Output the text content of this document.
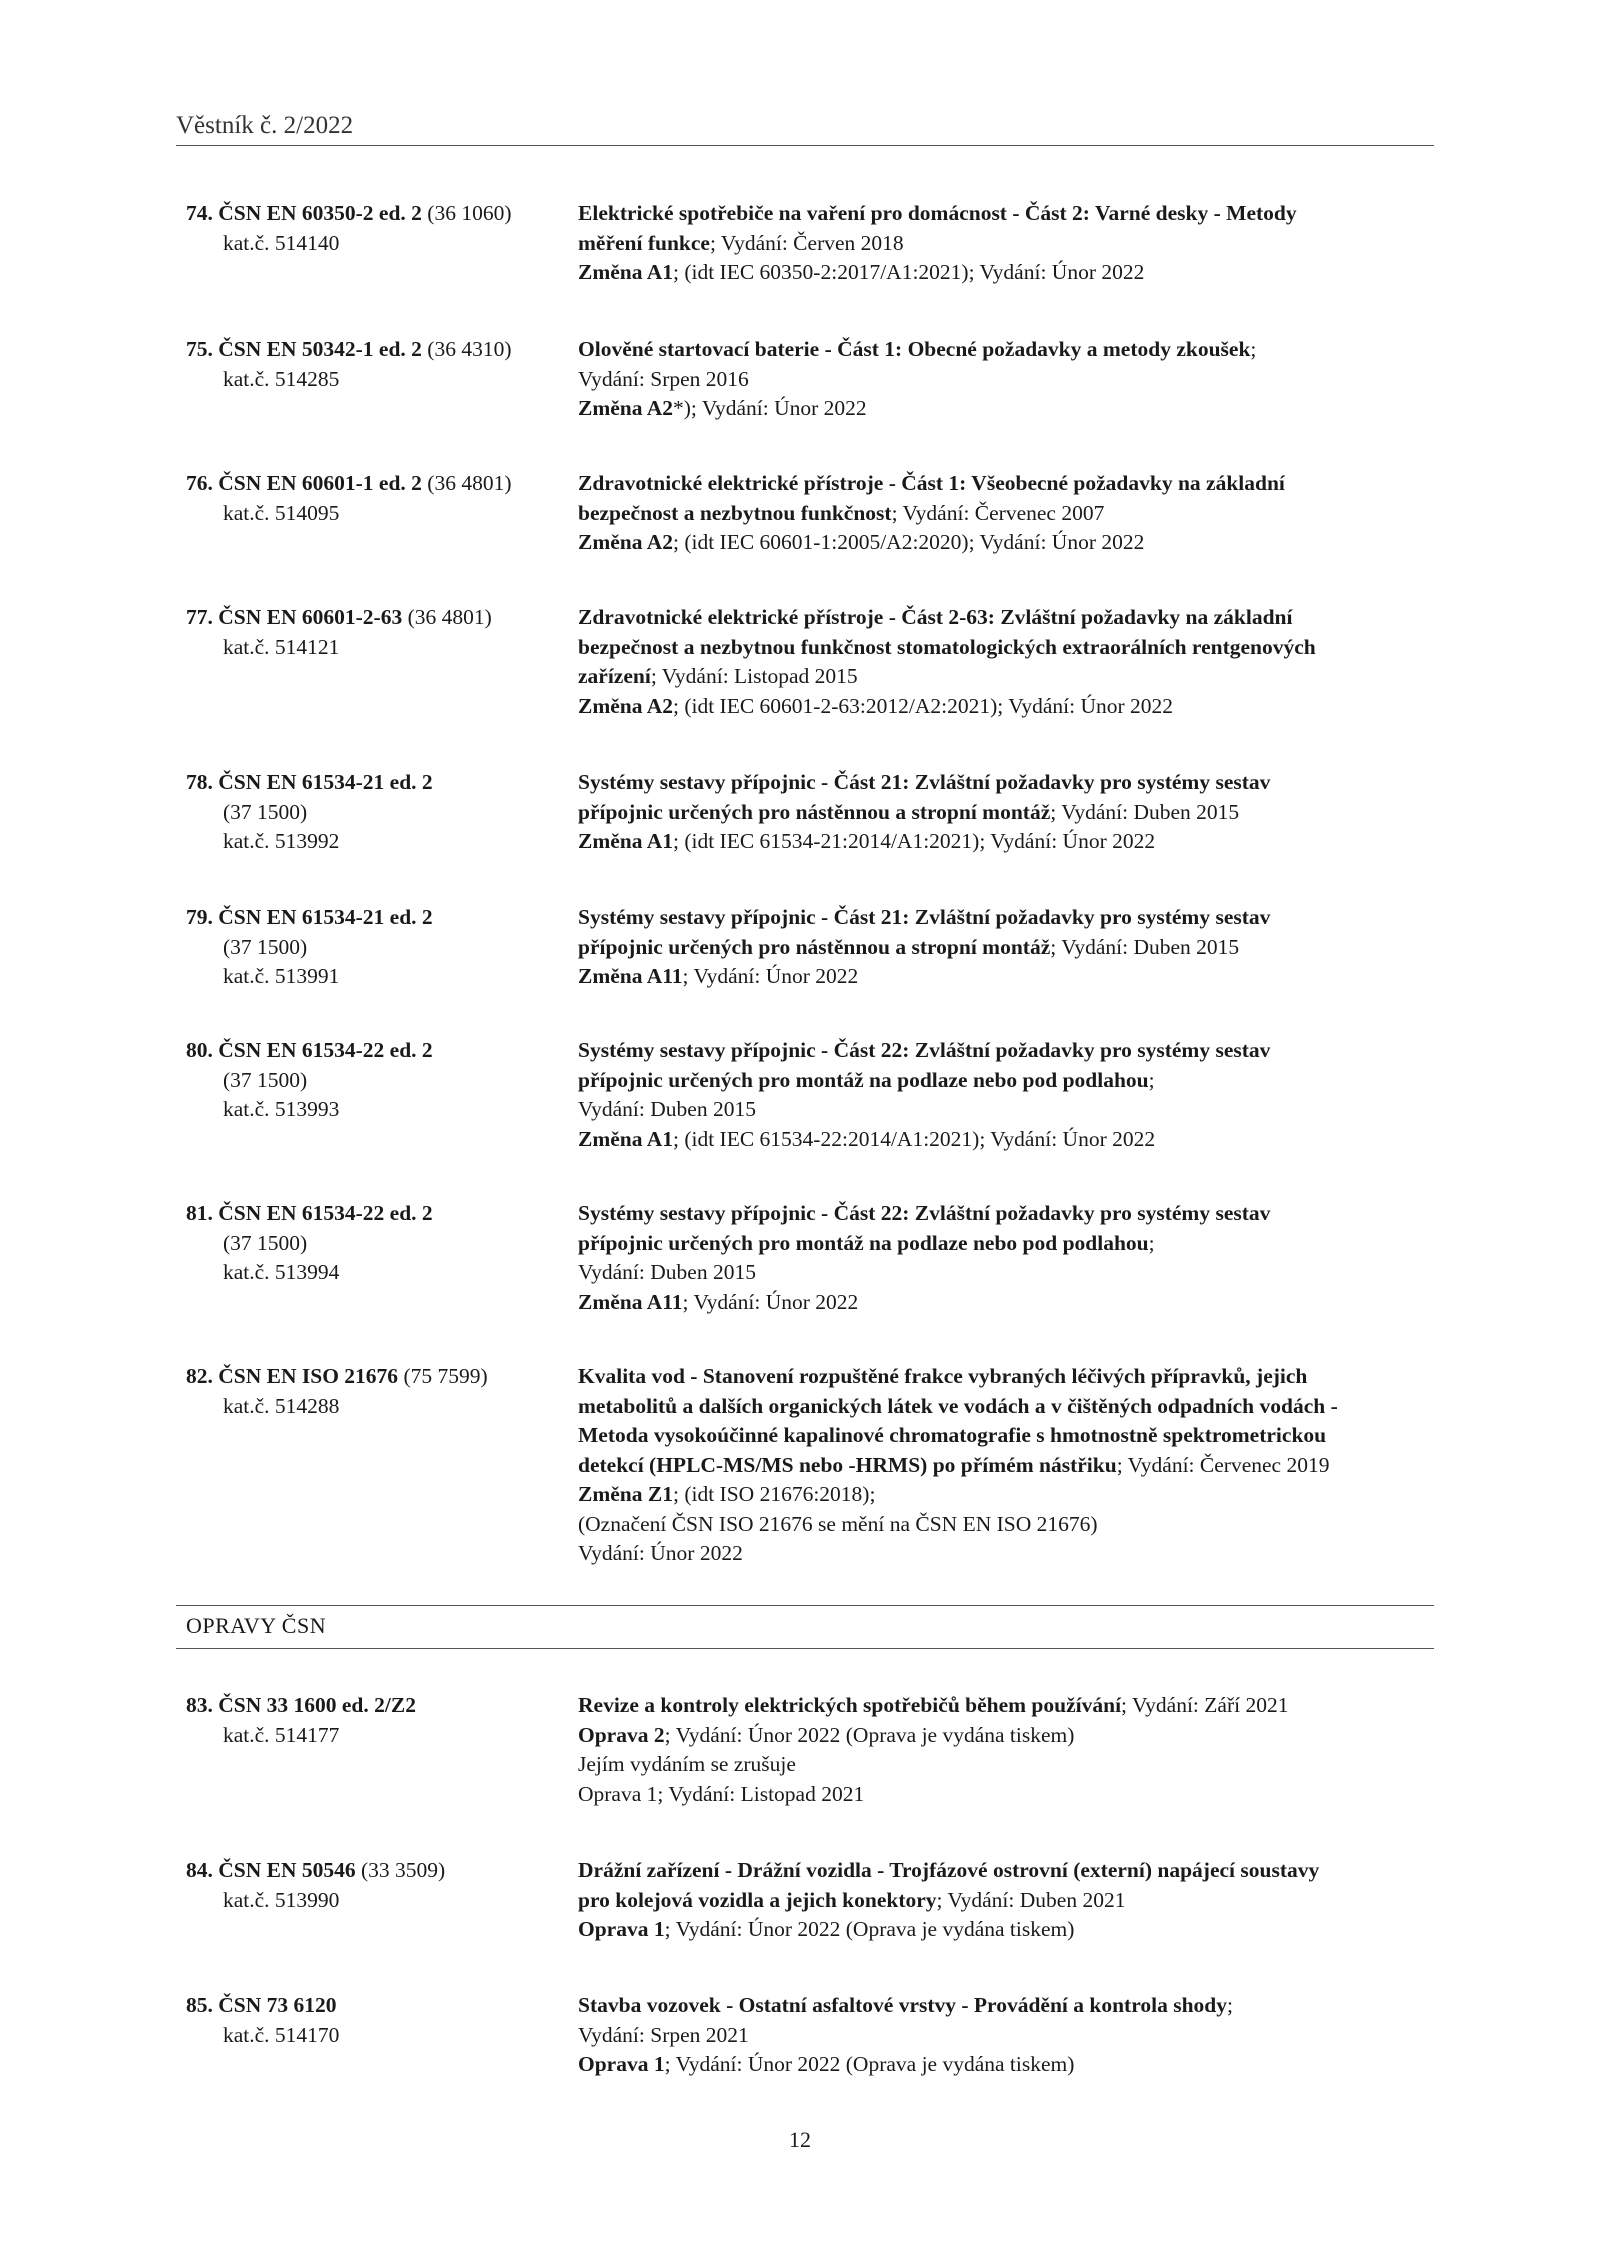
Věstník č. 2/2022
74. ČSN EN 60350-2 ed. 2 (36 1060)
kat.č. 514140
Elektrické spotřebiče na vaření pro domácnost - Část 2: Varné desky - Metody
měření funkce; Vydání: Červen 2018
Změna A1; (idt IEC 60350-2:2017/A1:2021); Vydání: Únor 2022
75. ČSN EN 50342-1 ed. 2 (36 4310)
kat.č. 514285
Olověné startovací baterie - Část 1: Obecné požadavky a metody zkoušek;
Vydání: Srpen 2016
Změna A2*); Vydání: Únor 2022
76. ČSN EN 60601-1 ed. 2 (36 4801)
kat.č. 514095
Zdravotnické elektrické přístroje - Část 1: Všeobecné požadavky na základní
bezpečnost a nezbytnou funkčnost; Vydání: Červenec 2007
Změna A2; (idt IEC 60601-1:2005/A2:2020); Vydání: Únor 2022
77. ČSN EN 60601-2-63 (36 4801)
kat.č. 514121
Zdravotnické elektrické přístroje - Část 2-63: Zvláštní požadavky na základní
bezpečnost a nezbytnou funkčnost stomatologických extraorálních rentgenových
zařízení; Vydání: Listopad 2015
Změna A2; (idt IEC 60601-2-63:2012/A2:2021); Vydání: Únor 2022
78. ČSN EN 61534-21 ed. 2
(37 1500)
kat.č. 513992
Systémy sestavy přípojnic - Část 21: Zvláštní požadavky pro systémy sestav
přípojnic určených pro nástěnnou a stropní montáž; Vydání: Duben 2015
Změna A1; (idt IEC 61534-21:2014/A1:2021); Vydání: Únor 2022
79. ČSN EN 61534-21 ed. 2
(37 1500)
kat.č. 513991
Systémy sestavy přípojnic - Část 21: Zvláštní požadavky pro systémy sestav
přípojnic určených pro nástěnnou a stropní montáž; Vydání: Duben 2015
Změna A11; Vydání: Únor 2022
80. ČSN EN 61534-22 ed. 2
(37 1500)
kat.č. 513993
Systémy sestavy přípojnic - Část 22: Zvláštní požadavky pro systémy sestav
přípojnic určených pro montáž na podlaze nebo pod podlahou;
Vydání: Duben 2015
Změna A1; (idt IEC 61534-22:2014/A1:2021); Vydání: Únor 2022
81. ČSN EN 61534-22 ed. 2
(37 1500)
kat.č. 513994
Systémy sestavy přípojnic - Část 22: Zvláštní požadavky pro systémy sestav
přípojnic určených pro montáž na podlaze nebo pod podlahou;
Vydání: Duben 2015
Změna A11; Vydání: Únor 2022
82. ČSN EN ISO 21676 (75 7599)
kat.č. 514288
Kvalita vod - Stanovení rozpuštěné frakce vybraných léčivých přípravků, jejich
metabolitů a dalších organických látek ve vodách a v čištěných odpadních vodách -
Metoda vysokoúčinné kapalinové chromatografie s hmotnostně spektrometrickou
detekcí (HPLC-MS/MS nebo -HRMS) po přímém nástřiku; Vydání: Červenec 2019
Změna Z1; (idt ISO 21676:2018);
(Označení ČSN ISO 21676 se mění na ČSN EN ISO 21676)
Vydání: Únor 2022
OPRAVY ČSN
83. ČSN 33 1600 ed. 2/Z2
kat.č. 514177
Revize a kontroly elektrických spotřebičů během používání; Vydání: Září 2021
Oprava 2; Vydání: Únor 2022 (Oprava je vydána tiskem)
Jejím vydáním se zrušuje
Oprava 1; Vydání: Listopad 2021
84. ČSN EN 50546 (33 3509)
kat.č. 513990
Drážní zařízení - Drážní vozidla - Trojfázové ostrovní (externí) napájecí soustavy
pro kolejová vozidla a jejich konektory; Vydání: Duben 2021
Oprava 1; Vydání: Únor 2022 (Oprava je vydána tiskem)
85. ČSN 73 6120
kat.č. 514170
Stavba vozovek - Ostatní asfaltové vrstvy - Provádění a kontrola shody;
Vydání: Srpen 2021
Oprava 1; Vydání: Únor 2022 (Oprava je vydána tiskem)
12
